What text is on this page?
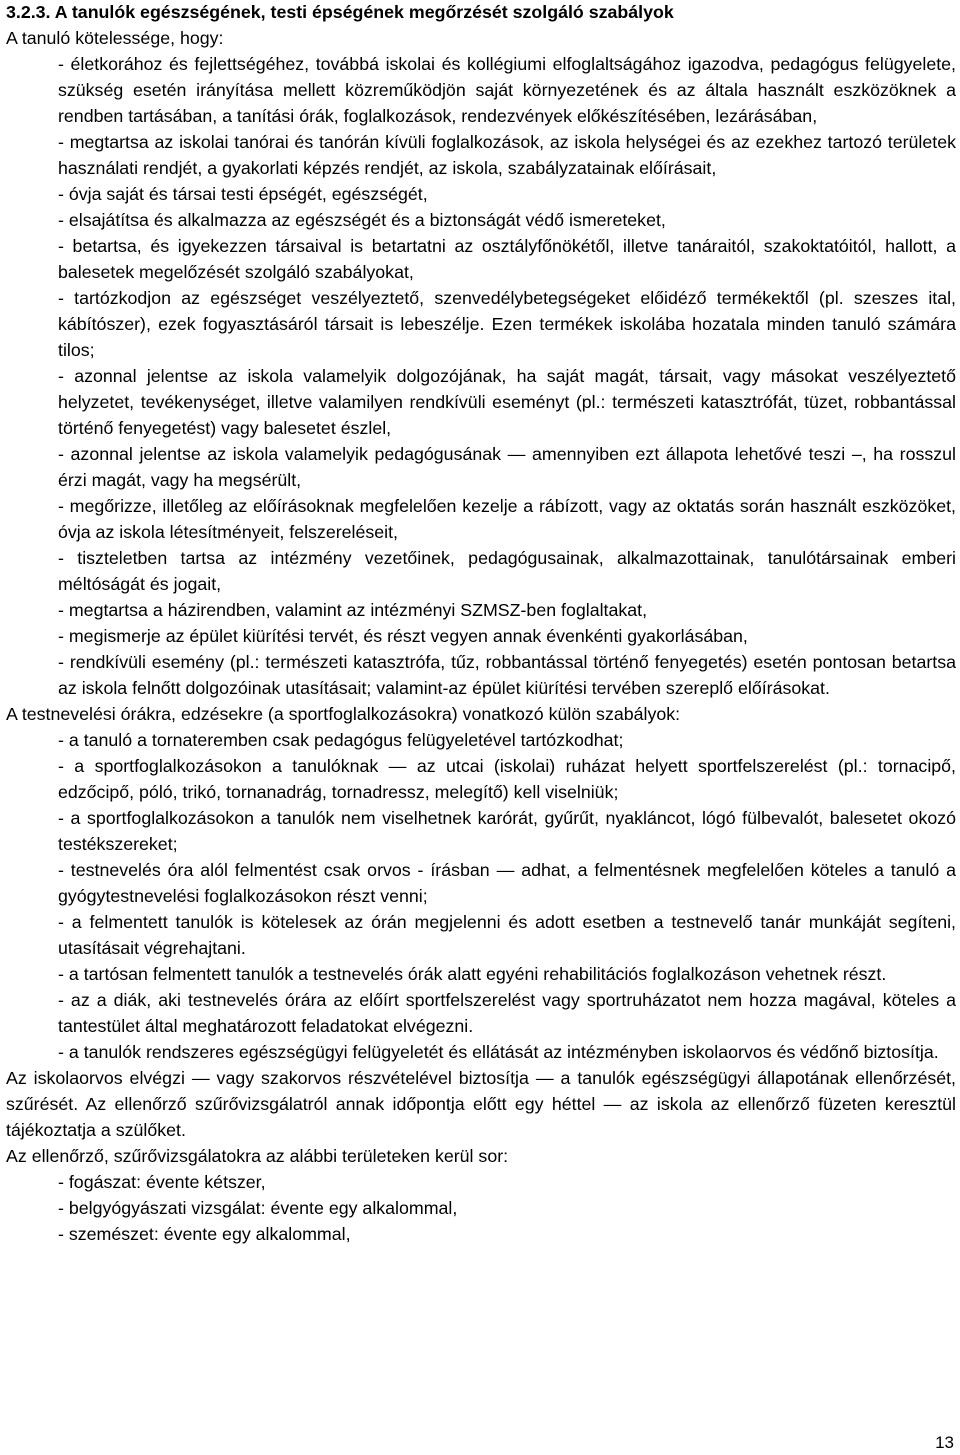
3.2.3. A tanulók egészségének, testi épségének megőrzését szolgáló szabályok

A tanuló kötelessége, hogy:

- életkorához és fejlettségéhez, továbbá iskolai és kollégiumi elfoglaltságához igazodva, pedagógus felügyelete, szükség esetén irányítása mellett közreműködjön saját környezetének és az általa használt eszközöknek a rendben tartásában, a tanítási órák, foglalkozások, rendezvények előkészítésében, lezárásában,
- megtartsa az iskolai tanórai és tanórán kívüli foglalkozások, az iskola helységei és az ezekhez tartozó területek használati rendjét, a gyakorlati képzés rendjét, az iskola, szabályzatainak előírásait,
- óvja saját és társai testi épségét, egészségét,
- elsajátítsa és alkalmazza az egészségét és a biztonságát védő ismereteket,
- betartsa, és igyekezzen társaival is betartatni az osztályfőnökétől, illetve tanáraitól, szakoktatóitól, hallott, a balesetek megelőzését szolgáló szabályokat,
- tartózkodjon az egészséget veszélyeztető, szenvedélybetegségeket előidéző termékektől (pl. szeszes ital, kábítószer), ezek fogyasztásáról társait is lebeszélje. Ezen termékek iskolába hozatala minden tanuló számára tilos;
- azonnal jelentse az iskola valamelyik dolgozójának, ha saját magát, társait, vagy másokat veszélyeztető helyzetet, tevékenységet, illetve valamilyen rendkívüli eseményt (pl.: természeti katasztrófát, tüzet, robbantással történő fenyegetést) vagy balesetet észlel,
- azonnal jelentse az iskola valamelyik pedagógusának — amennyiben ezt állapota lehetővé teszi –, ha rosszul érzi magát, vagy ha megsérült,
- megőrizze, illetőleg az előírásoknak megfelelően kezelje a rábízott, vagy az oktatás során használt eszközöket, óvja az iskola létesítményeit, felszereléseit,
- tiszteletben tartsa az intézmény vezetőinek, pedagógusainak, alkalmazottainak, tanulótársainak emberi méltóságát és jogait,
- megtartsa a házirendben, valamint az intézményi SZMSZ-ben foglaltakat,
- megismerje az épület kiürítési tervét, és részt vegyen annak évenkénti gyakorlásában,
- rendkívüli esemény (pl.: természeti katasztrófa, tűz, robbantással történő fenyegetés) esetén pontosan betartsa az iskola felnőtt dolgozóinak utasításait; valamint-az épület kiürítési tervében szereplő előírásokat.

A testnevelési órákra, edzésekre (a sportfoglalkozásokra) vonatkozó külön szabályok:

- a tanuló a tornateremben csak pedagógus felügyeletével tartózkodhat;
- a sportfoglalkozásokon a tanulóknak — az utcai (iskolai) ruházat helyett sportfelszerelést (pl.: tornacipő, edzőcipő, póló, trikó, tornanadrág, tornadressz, melegítő) kell viselniük;
- a sportfoglalkozásokon a tanulók nem viselhetnek karórát, gyűrűt, nyakláncot, lógó fülbevalót, balesetet okozó testékszereket;
- testnevelés óra alól felmentést csak orvos - írásban — adhat, a felmentésnek megfelelően köteles a tanuló a gyógytestnevelési foglalkozásokon részt venni;
- a felmentett tanulók is kötelesek az órán megjelenni és adott esetben a testnevelő tanár munkáját segíteni, utasításait végrehajtani.
- a tartósan felmentett tanulók a testnevelés órák alatt egyéni rehabilitációs foglalkozáson vehetnek részt.
- az a diák, aki testnevelés órára az előírt sportfelszerelést vagy sportruházatot nem hozza magával, köteles a tantestület által meghatározott feladatokat elvégezni.
- a tanulók rendszeres egészségügyi felügyeletét és ellátását az intézményben iskolaorvos és védőnő biztosítja.

Az iskolaorvos elvégzi — vagy szakorvos részvételével biztosítja — a tanulók egészségügyi állapotának ellenőrzését, szűrését. Az ellenőrző szűrővizsgálatról annak időpontja előtt egy héttel — az iskola az ellenőrző füzeten keresztül tájékoztatja a szülőket.

Az ellenőrző, szűrővizsgálatokra az alábbi területeken kerül sor:

- fogászat: évente kétszer,
- belgyógyászati vizsgálat: évente egy alkalommal,
- szemészet: évente egy alkalommal,
13
